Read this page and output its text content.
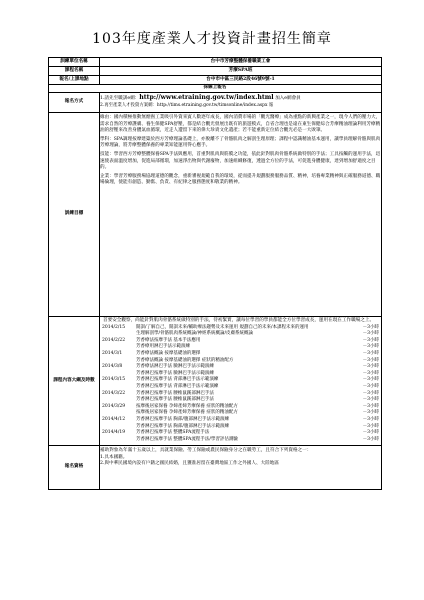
103年度產業人才投資計畫招生簡章
訓練單位名稱	台中市芳療整體保養職業工會
課程名稱	芳療SPA班
報名/上課地點	台中市中區三民路2段46號9號-1
採線上報名
報名方式	
1.請先至職訓e網：http://www.etraining.gov.tw/index.html 加入e網會員
2.再至產業人才投資方案網：http://tims.etraining.gov.tw/timsonline/index.aspx 報

訓練目標	

緣由：國內積極推動無煙囪工業吸引外資來賓人數逐年成長，國內消費市場的「觀光醫療」成為重點的新興產業之一，現今人們的壓力大，需求自然的芳療護膚、養生保健SPA舒壓，都是結合觀光發展出既有的旅遊模式，自省合理也是遠在東生保健綜合芳療精油理論利用芳療精油的舒壓來改善身體氣血循環，近走人遭留下來的偉大珍貴文化遺產；若不能重新定位結合觀光必是一大敗筆。

學科：SPA調理按摩建築於西方芳療理論基礎上，亦脫離不了骨骼肌肉之解剖生理原理；課程中認識精油基本運用，讓學員理解骨骼與肌肉芳療理論，將芳療整體保養的專業知能運用得心應手。

技能：學習西方芳療整體保養SPA手法與應用，首重對肌肉與筋膜之功能，依此針對肌肉骨骼系統做特別的手法；工具按觸的運用手法，迅速使表面溫度增加，促進局部循環，加速淨出物與代謝廢物，加速組織修復，透過全方位的手法，可促進身體健康，達到增加舒適度之目的。

企業：學習芳療服務場協理道德的觀念，重新審視規範自我的環境，從而提升規劃服務服務品質、精神，培養專業精神與正確服務道德、職場倫理，使能有創造、勤奮、負責、有紀律之服務態度和敬業的精神。

課程內容大綱及時數	
首要安全觀察，尚能針對肌肉骨骼系統做特別的手法，待初緊實，讓每位學習的學員都能全方位學習成長，運用在現在工作職場之上。
2014/2/15	開訓/了解自己，開訓未來/輔助療法趨勢及未來運用 規劃自己的未來/本課程未來的運用	－3小時
	生理解剖學/骨骼肌肉系統概論/神經系統概論/皮膚系統概論	－3小時
2014/2/22	芳香療法按摩手法 基本手法應用	－3小時
	芳香療用淋巴手法示範演練	－3小時
2014/3/1	芳香療法概論 按摩基礎油的選擇	－3小時
	芳香療法概論 按摩基礎油的選擇 症狀的精油配方	－3小時
2014/3/8	芳香療法淋巴手法 臉淋巴手法示範演練	－3小時
	芳香淋巴按摩手法 臉淋巴手法示範演練	－3小時
2014/3/15	芳香淋巴按摩手法 背部淋巴手法示範演練	－3小時
	芳香淋巴按摩手法 背部淋巴手法示範演練	－3小時
2014/3/22	芳香淋巴按摩手法 腰椎鼠蹊部淋巴手法	－3小時
	芳香淋巴按摩手法 腰椎鼠蹊部淋巴手法	－3小時
2014/3/29	按摩後居家保養 孕婦產婦芳療保養 症狀的精油配方	－3小時
	按摩後居家保養 孕婦產婦芳療保養 症狀的精油配方	－3小時
2014/4/12	芳香淋巴按摩手法 胸部/腹部淋巴手法示範演練	－3小時
	芳香淋巴按摩手法 胸部/腹部淋巴手法示範演練	－3小時
2014/4/19	芳香淋巴按摩手法 整體SPA流程手法	－3小時
	芳香淋巴按摩手法 整體SPA流程手法/學習評估測驗	－3小時

報名資格	
補助對象為年滿十五歲以上，具就業保險、勞工保險或農民保險身分之在職勞工，且符合下列資格之一：
1.具本國籍。
2.與中華民國境內設有戶籍之國民結婚，且獲准居留在臺灣地區工作之外國人、大陸地區
